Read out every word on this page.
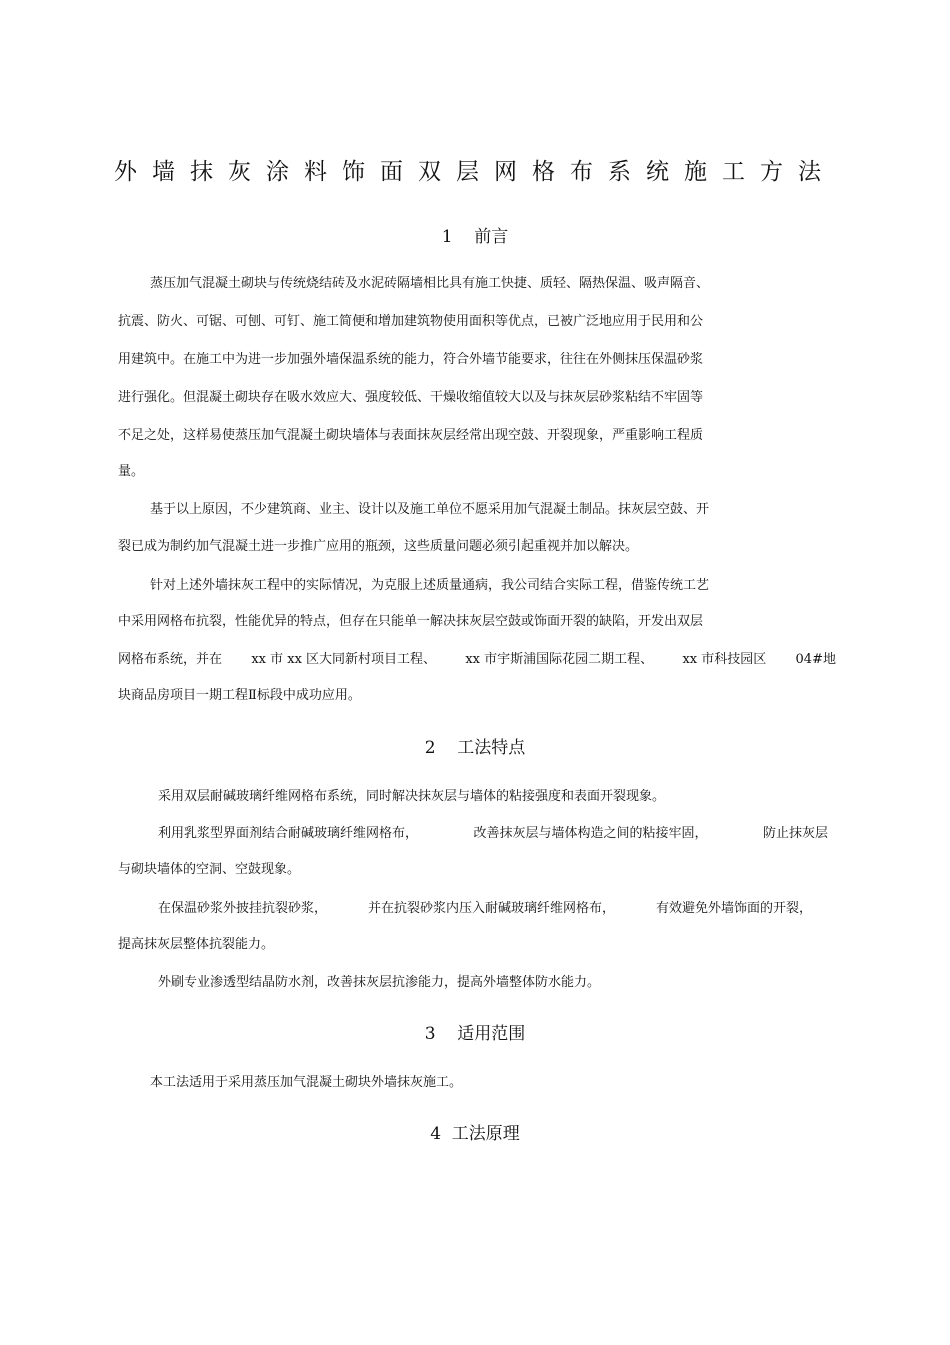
外墙抹灰涂料饰面双层网格布系统施工方法
1    前言
蒸压加气混凝土砌块与传统烧结砖及水泥砖隔墙相比具有施工快捷、质轻、隔热保温、吸声隔音、
抗震、防火、可锯、可刨、可钉、施工简便和增加建筑物使用面积等优点，已被广泛地应用于民用和公
用建筑中。在施工中为进一步加强外墙保温系统的能力，符合外墙节能要求，往往在外侧抹压保温砂浆
进行强化。但混凝土砌块存在吸水效应大、强度较低、干燥收缩值较大以及与抹灰层砂浆粘结不牢固等
不足之处，这样易使蒸压加气混凝土砌块墙体与表面抹灰层经常出现空鼓、开裂现象，严重影响工程质
量。
基于以上原因，不少建筑商、业主、设计以及施工单位不愿采用加气混凝土制品。抹灰层空鼓、开
裂已成为制约加气混凝土进一步推广应用的瓶颈，这些质量问题必须引起重视并加以解决。
针对上述外墙抹灰工程中的实际情况，为克服上述质量通病，我公司结合实际工程，借鉴传统工艺
中采用网格布抗裂，性能优异的特点，但存在只能单一解决抹灰层空鼓或饰面开裂的缺陷，开发出双层
网格布系统，并在 xx 市 xx 区大同新村项目工程、 xx 市宇斯浦国际花园二期工程、 xx 市科技园区 04#地
块商品房项目一期工程Ⅱ标段中成功应用。
2    工法特点
采用双层耐碱玻璃纤维网格布系统，同时解决抹灰层与墙体的粘接强度和表面开裂现象。
利用乳浆型界面剂结合耐碱玻璃纤维网格布，	改善抹灰层与墙体构造之间的粘接牢固，	防止抹灰层
与砌块墙体的空洞、空鼓现象。
在保温砂浆外披挂抗裂砂浆，	并在抗裂砂浆内压入耐碱玻璃纤维网格布，	有效避免外墙饰面的开裂，
提高抹灰层整体抗裂能力。
外刷专业渗透型结晶防水剂，改善抹灰层抗渗能力，提高外墙整体防水能力。
3    适用范围
本工法适用于采用蒸压加气混凝土砌块外墙抹灰施工。
4  工法原理
